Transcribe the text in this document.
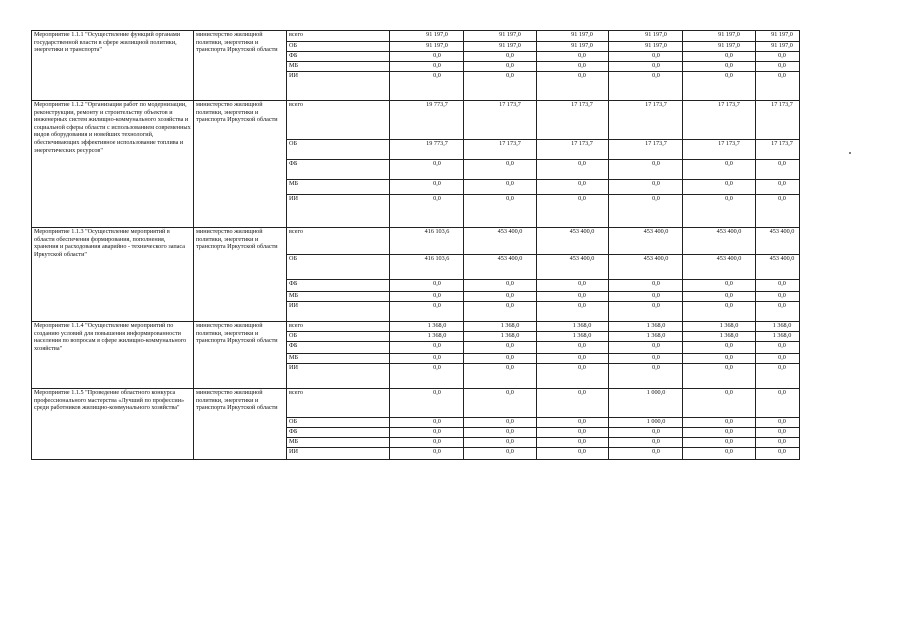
Мероприятие 1.1.1 "Осуществление функций органами государственной власти в сфере жилищной политики, энергетики и транспорта"	министерство жилищной политики, энергетики и транспорта Иркутской области	всего	91 197,0	91 197,0	91 197,0	91 197,0	91 197,0	91 197,0
		ОБ	91 197,0	91 197,0	91 197,0	91 197,0	91 197,0	91 197,0
		ФБ	0,0	0,0	0,0	0,0	0,0	0,0
		МБ	0,0	0,0	0,0	0,0	0,0	0,0
		ИИ	0,0	0,0	0,0	0,0	0,0	0,0
Мероприятие 1.1.2 "Организация работ по модернизации, реконструкции, ремонту и строительству объектов и инженерных систем жилищно-коммунального хозяйства и социальной сферы области с использованием современных видов оборудования и новейших технологий, обеспечивающих эффективное использование топлива и энергетических ресурсов"	министерство жилищной политики, энергетики и транспорта Иркутской области	всего	19 773,7	17 173,7	17 173,7	17 173,7	17 173,7	17 173,7
		ОБ	19 773,7	17 173,7	17 173,7	17 173,7	17 173,7	17 173,7
		ФБ	0,0	0,0	0,0	0,0	0,0	0,0
		МБ	0,0	0,0	0,0	0,0	0,0	0,0
		ИИ	0,0	0,0	0,0	0,0	0,0	0,0
Мероприятие 1.1.3 "Осуществление мероприятий в области обеспечения формирования, пополнения, хранения и расходования аварийно - технического запаса Иркутской области"	министерство жилищной политики, энергетики и транспорта Иркутской области	всего	416 103,6	453 400,0	453 400,0	453 400,0	453 400,0	453 400,0
		ОБ	416 103,6	453 400,0	453 400,0	453 400,0	453 400,0	453 400,0
		ФБ	0,0	0,0	0,0	0,0	0,0	0,0
		МБ	0,0	0,0	0,0	0,0	0,0	0,0
		ИИ	0,0	0,0	0,0	0,0	0,0	0,0
Мероприятие 1.1.4 "Осуществление мероприятий по созданию условий для повышения информированности населения по вопросам в сфере жилищно-коммунального хозяйства"	министерство жилищной политики, энергетики и транспорта Иркутской области	всего	1 368,0	1 368,0	1 368,0	1 368,0	1 368,0	1 368,0
		ОБ	1 368,0	1 368,0	1 368,0	1 368,0	1 368,0	1 368,0
		ФБ	0,0	0,0	0,0	0,0	0,0	0,0
		МБ	0,0	0,0	0,0	0,0	0,0	0,0
		ИИ	0,0	0,0	0,0	0,0	0,0	0,0
Мероприятие 1.1.5 "Проведение областного конкурса профессионального мастерства «Лучший по профессии» среди работников жилищно-коммунального хозяйства"	министерство жилищной политики, энергетики и транспорта Иркутской области	всего	0,0	0,0	0,0	1 000,0	0,0	0,0
		ОБ	0,0	0,0	0,0	1 000,0	0,0	0,0
		ФБ	0,0	0,0	0,0	0,0	0,0	0,0
		МБ	0,0	0,0	0,0	0,0	0,0	0,0
		ИИ	0,0	0,0	0,0	0,0	0,0	0,0
